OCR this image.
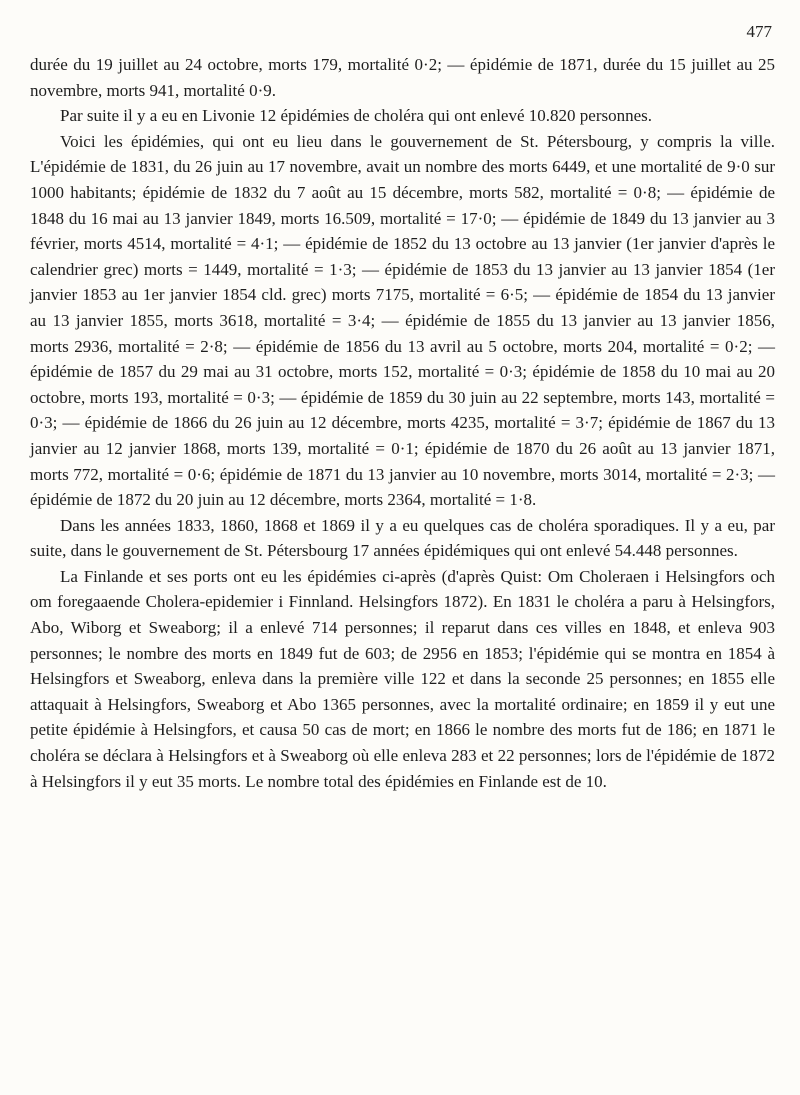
477

durée du 19 juillet au 24 octobre, morts 179, mortalité 0·2; — épidémie de 1871, durée du 15 juillet au 25 novembre, morts 941, mortalité 0·9.

Par suite il y a eu en Livonie 12 épidémies de choléra qui ont enlevé 10.820 personnes.

Voici les épidémies, qui ont eu lieu dans le gouvernement de St. Pétersbourg, y compris la ville. L'épidémie de 1831, du 26 juin au 17 novembre, avait un nombre des morts 6449, et une mortalité de 9·0 sur 1000 habitants; épidémie de 1832 du 7 août au 15 décembre, morts 582, mortalité = 0·8; — épidémie de 1848 du 16 mai au 13 janvier 1849, morts 16.509, mortalité = 17·0; — épidémie de 1849 du 13 janvier au 3 février, morts 4514, mortalité = 4·1; — épidémie de 1852 du 13 octobre au 13 janvier (1er janvier d'après le calendrier grec) morts = 1449, mortalité = 1·3; — épidémie de 1853 du 13 janvier au 13 janvier 1854 (1er janvier 1853 au 1er janvier 1854 cld. grec) morts 7175, mortalité = 6·5; — épidémie de 1854 du 13 janvier au 13 janvier 1855, morts 3618, mortalité = 3·4; — épidémie de 1855 du 13 janvier au 13 janvier 1856, morts 2936, mortalité = 2·8; — épidémie de 1856 du 13 avril au 5 octobre, morts 204, mortalité = 0·2; — épidémie de 1857 du 29 mai au 31 octobre, morts 152, mortalité = 0·3; épidémie de 1858 du 10 mai au 20 octobre, morts 193, mortalité = 0·3; — épidémie de 1859 du 30 juin au 22 septembre, morts 143, mortalité = 0·3; — épidémie de 1866 du 26 juin au 12 décembre, morts 4235, mortalité = 3·7; épidémie de 1867 du 13 janvier au 12 janvier 1868, morts 139, mortalité = 0·1; épidémie de 1870 du 26 août au 13 janvier 1871, morts 772, mortalité = 0·6; épidémie de 1871 du 13 janvier au 10 novembre, morts 3014, mortalité = 2·3; — épidémie de 1872 du 20 juin au 12 décembre, morts 2364, mortalité = 1·8.

Dans les années 1833, 1860, 1868 et 1869 il y a eu quelques cas de choléra sporadiques. Il y a eu, par suite, dans le gouvernement de St. Pétersbourg 17 années épidémiques qui ont enlevé 54.448 personnes.

La Finlande et ses ports ont eu les épidémies ci-après (d'après Quist: Om Choleraen i Helsingfors och om foregaaende Cholera-epidemier i Finnland. Helsingfors 1872). En 1831 le choléra a paru à Helsingfors, Abo, Wiborg et Sweaborg; il a enlevé 714 personnes; il reparut dans ces villes en 1848, et enleva 903 personnes; le nombre des morts en 1849 fut de 603; de 2956 en 1853; l'épidémie qui se montra en 1854 à Helsingfors et Sweaborg, enleva dans la première ville 122 et dans la seconde 25 personnes; en 1855 elle attaquait à Helsingfors, Sweaborg et Abo 1365 personnes, avec la mortalité ordinaire; en 1859 il y eut une petite épidémie à Helsingfors, et causa 50 cas de mort; en 1866 le nombre des morts fut de 186; en 1871 le choléra se déclara à Helsingfors et à Sweaborg où elle enleva 283 et 22 personnes; lors de l'épidémie de 1872 à Helsingfors il y eut 35 morts. Le nombre total des épidémies en Finlande est de 10.
